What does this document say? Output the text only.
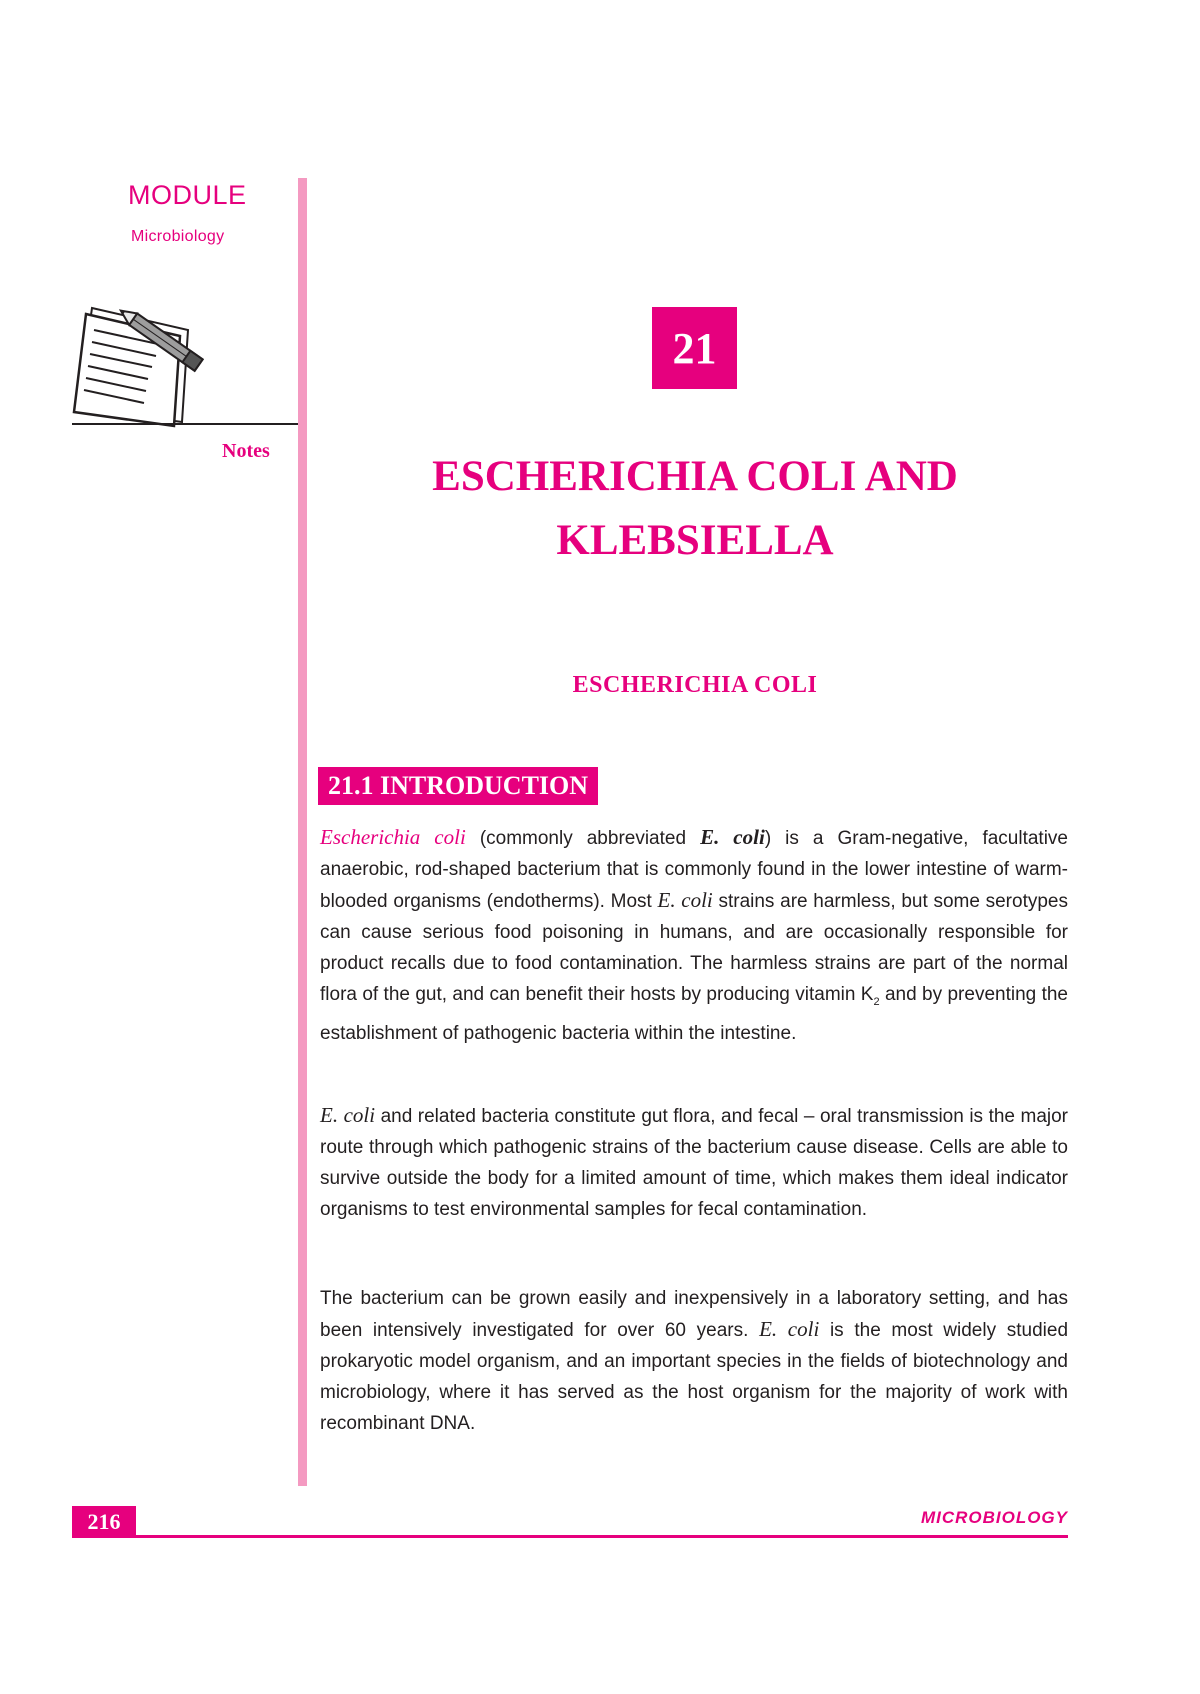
MODULE
Microbiology
Notes
21
ESCHERICHIA COLI AND KLEBSIELLA
ESCHERICHIA COLI
21.1 INTRODUCTION

Escherichia coli (commonly abbreviated E. coli) is a Gram-negative, facultative anaerobic, rod-shaped bacterium that is commonly found in the lower intestine of warm-blooded organisms (endotherms). Most E. coli strains are harmless, but some serotypes can cause serious food poisoning in humans, and are occasionally responsible for product recalls due to food contamination. The harmless strains are part of the normal flora of the gut, and can benefit their hosts by producing vitamin $K_2$ and by preventing the establishment of pathogenic bacteria within the intestine.

E. coli and related bacteria constitute gut flora, and fecal – oral transmission is the major route through which pathogenic strains of the bacterium cause disease. Cells are able to survive outside the body for a limited amount of time, which makes them ideal indicator organisms to test environmental samples for fecal contamination.

The bacterium can be grown easily and inexpensively in a laboratory setting, and has been intensively investigated for over 60 years. E. coli is the most widely studied prokaryotic model organism, and an important species in the fields of biotechnology and microbiology, where it has served as the host organism for the majority of work with recombinant DNA.

216	MICROBIOLOGY
